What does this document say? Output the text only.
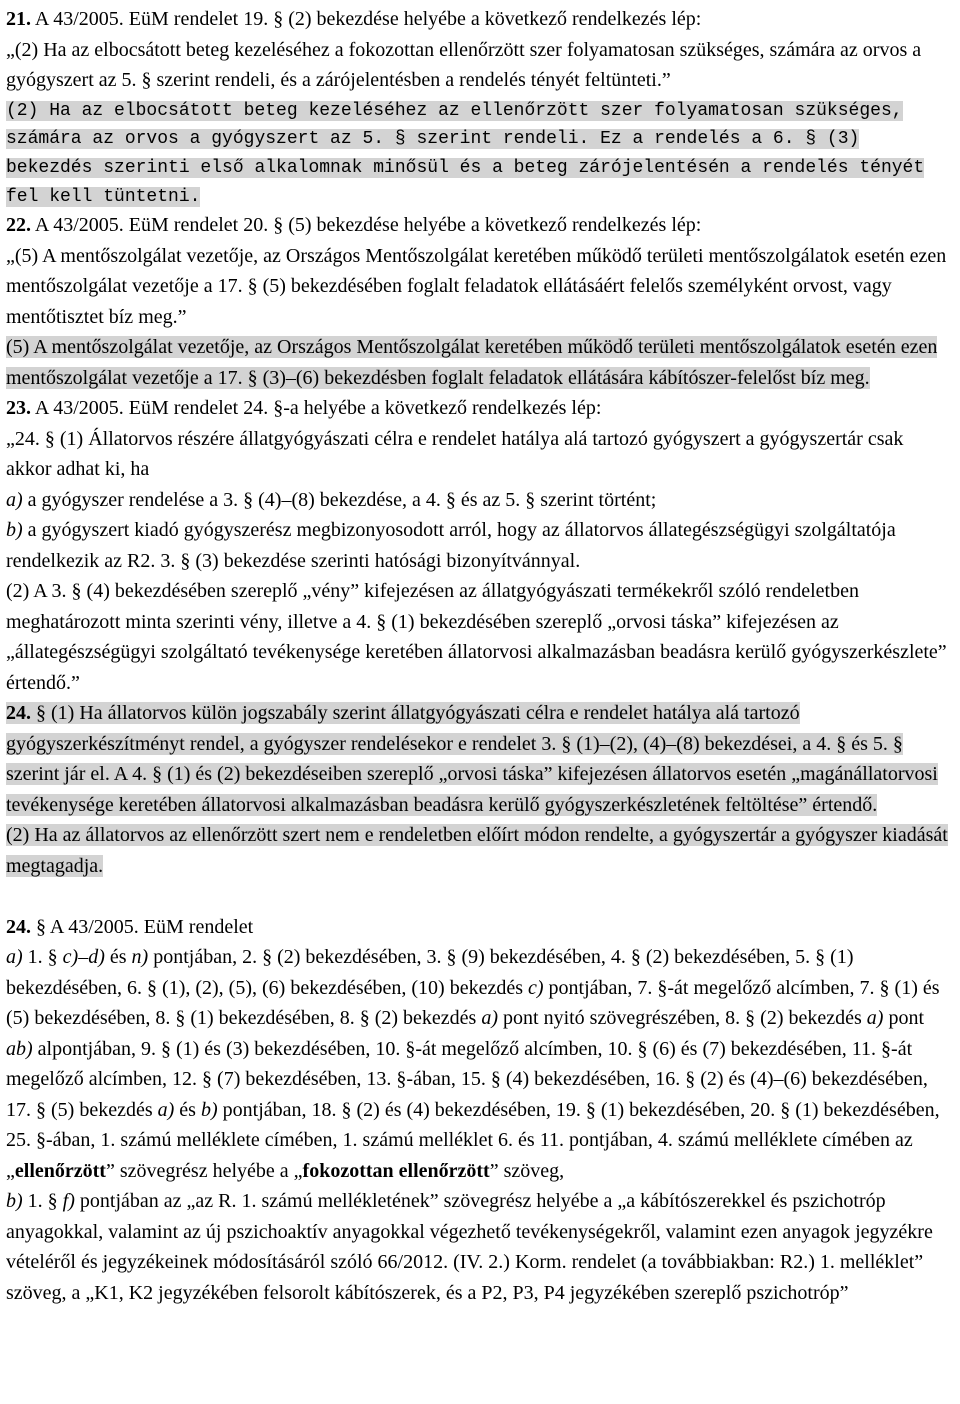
21. A 43/2005. EüM rendelet 19. § (2) bekezdése helyébe a következő rendelkezés lép:

„(2) Ha az elbocsátott beteg kezeléséhez a fokozottan ellenőrzött szer folyamatosan szükséges, számára az orvos a gyógyszert az 5. § szerint rendeli, és a zárójelentésben a rendelés tényét feltünteti.”

(2) Ha az elbocsátott beteg kezeléséhez az ellenőrzött szer folyamatosan szükséges, számára az orvos a gyógyszert az 5. § szerint rendeli. Ez a rendelés a 6. § (3) bekezdés szerinti első alkalomnak minősül és a beteg zárójelentésén a rendelés tényét fel kell tüntetni.

22. A 43/2005. EüM rendelet 20. § (5) bekezdése helyébe a következő rendelkezés lép:

„(5) A mentőszolgálat vezetője, az Országos Mentőszolgálat keretében működő területi mentőszolgálatok esetén ezen mentőszolgálat vezetője a 17. § (5) bekezdésében foglalt feladatok ellátásáért felelős személyként orvost, vagy mentőtisztet bíz meg.”

(5) A mentőszolgálat vezetője, az Országos Mentőszolgálat keretében működő területi mentőszolgálatok esetén ezen mentőszolgálat vezetője a 17. § (3)–(6) bekezdésben foglalt feladatok ellátására kábítószer-felelőst bíz meg.

23. A 43/2005. EüM rendelet 24. §-a helyébe a következő rendelkezés lép:

„24. § (1) Állatorvos részére állatgyógyászati célra e rendelet hatálya alá tartozó gyógyszert a gyógyszertár csak akkor adhat ki, ha

a) a gyógyszer rendelése a 3. § (4)–(8) bekezdése, a 4. § és az 5. § szerint történt;

b) a gyógyszert kiadó gyógyszerész megbizonyosodott arról, hogy az állatorvos állategészségügyi szolgáltatója rendelkezik az R2. 3. § (3) bekezdése szerinti hatósági bizonyítvánnyal.

(2) A 3. § (4) bekezdésében szereplő „vény” kifejezésen az állatgyógyászati termékekről szóló rendeletben meghatározott minta szerinti vény, illetve a 4. § (1) bekezdésében szereplő „orvosi táska” kifejezésen az „állategészségügyi szolgáltató tevékenysége keretében állatorvosi alkalmazásban beadásra kerülő gyógyszerkészlete” értendő.”

24. § (1) Ha állatorvos külön jogszabály szerint állatgyógyászati célra e rendelet hatálya alá tartozó gyógyszerkészítményt rendel, a gyógyszer rendelésekor e rendelet 3. § (1)–(2), (4)–(8) bekezdései, a 4. § és 5. § szerint jár el. A 4. § (1) és (2) bekezdéseiben szereplő „orvosi táska” kifejezésen állatorvos esetén „magánállatorvosi tevékenysége keretében állatorvosi alkalmazásban beadásra kerülő gyógyszerkészletének feltöltése” értendő.

(2) Ha az állatorvos az ellenőrzött szert nem e rendeletben előírt módon rendelte, a gyógyszertár a gyógyszer kiadását megtagadja.

24. § A 43/2005. EüM rendelet

a) 1. § c)–d) és n) pontjában, 2. § (2) bekezdésében, 3. § (9) bekezdésében, 4. § (2) bekezdésében, 5. § (1) bekezdésében, 6. § (1), (2), (5), (6) bekezdésében, (10) bekezdés c) pontjában, 7. §-át megelőző alcímben, 7. § (1) és (5) bekezdésében, 8. § (1) bekezdésében, 8. § (2) bekezdés a) pont nyitó szövegrészében, 8. § (2) bekezdés a) pont ab) alpontjában, 9. § (1) és (3) bekezdésében, 10. §-át megelőző alcímben, 10. § (6) és (7) bekezdésében, 11. §-át megelőző alcímben, 12. § (7) bekezdésében, 13. §-ában, 15. § (4) bekezdésében, 16. § (2) és (4)–(6) bekezdésében, 17. § (5) bekezdés a) és b) pontjában, 18. § (2) és (4) bekezdésében, 19. § (1) bekezdésében, 20. § (1) bekezdésében, 25. §-ában, 1. számú melléklete címében, 1. számú melléklet 6. és 11. pontjában, 4. számú melléklete címében az „ellenőrzött” szövegrész helyébe a „fokozottan ellenőrzött” szöveg,

b) 1. § f) pontjában az „az R. 1. számú mellékletének” szövegrész helyébe a „a kábítószerekkel és pszichotróp anyagokkal, valamint az új pszichoaktív anyagokkal végezhető tevékenységekről, valamint ezen anyagok jegyzékre vételéről és jegyzékeinek módosításáról szóló 66/2012. (IV. 2.) Korm. rendelet (a továbbiakban: R2.) 1. melléklet” szöveg, a „K1, K2 jegyzékében felsorolt kábítószerek, és a P2, P3, P4 jegyzékében szereplő pszichotróp”
